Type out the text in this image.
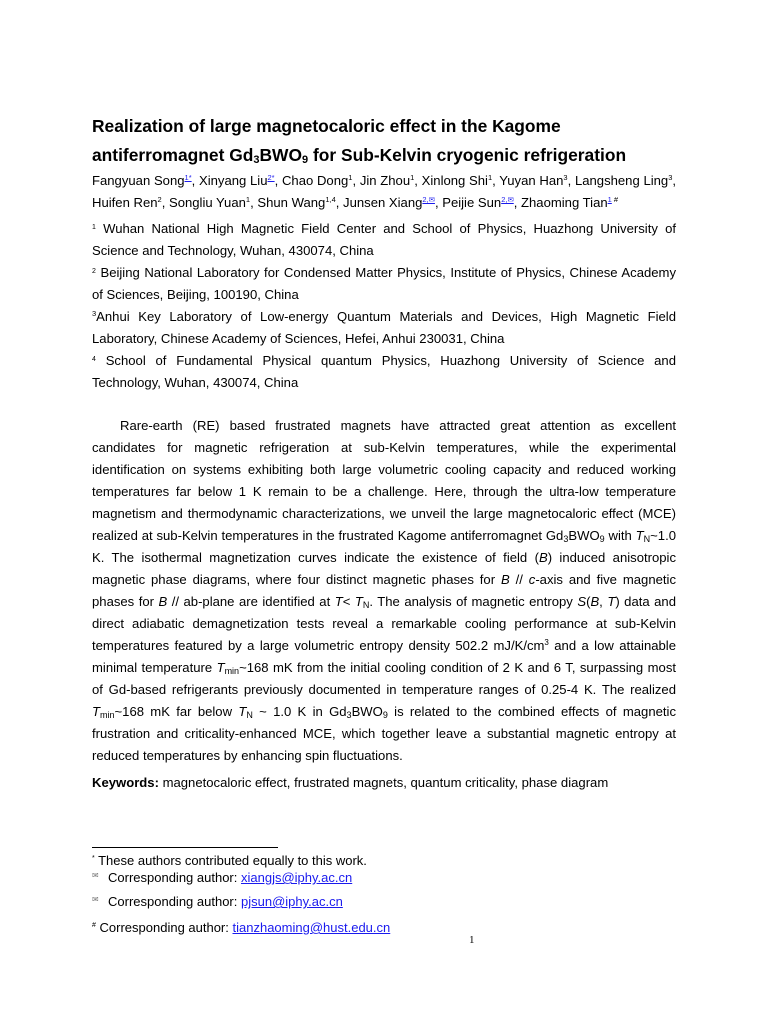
Realization of large magnetocaloric effect in the Kagome
antiferromagnet $Gd_3BWO_9$ for Sub-Kelvin cryogenic refrigeration
Fangyuan Song$^{1*}$, Xinyang Liu$^{2*}$, Chao Dong$^1$, Jin Zhou$^1$, Xinlong Shi$^1$, Yuyan Han$^3$, Langsheng Ling$^3$, Huifen Ren$^2$, Songliu Yuan$^1$, Shun Wang$^{1,4}$, Junsen Xiang$^{2,✉}$, Peijie Sun$^{2,✉}$, Zhaoming Tian$^1$ #
$^1$ Wuhan National High Magnetic Field Center and School of Physics, Huazhong University of Science and Technology, Wuhan, 430074, China
$^2$ Beijing National Laboratory for Condensed Matter Physics, Institute of Physics, Chinese Academy of Sciences, Beijing, 100190, China
$^3$Anhui Key Laboratory of Low-energy Quantum Materials and Devices, High Magnetic Field Laboratory, Chinese Academy of Sciences, Hefei, Anhui 230031, China
$^4$ School of Fundamental Physical quantum Physics, Huazhong University of Science and Technology, Wuhan, 430074, China
Rare-earth (RE) based frustrated magnets have attracted great attention as excellent candidates for magnetic refrigeration at sub-Kelvin temperatures, while the experimental identification on systems exhibiting both large volumetric cooling capacity and reduced working temperatures far below 1 K remain to be a challenge. Here, through the ultra-low temperature magnetism and thermodynamic characterizations, we unveil the large magnetocaloric effect (MCE) realized at sub-Kelvin temperatures in the frustrated Kagome antiferromagnet $Gd_3BWO_9$ with $T_N\sim 1.0$ K. The isothermal magnetization curves indicate the existence of field (B) induced anisotropic magnetic phase diagrams, where four distinct magnetic phases for B // c-axis and five magnetic phases for B // ab-plane are identified at $T< T_N$. The analysis of magnetic entropy S(B, T) data and direct adiabatic demagnetization tests reveal a remarkable cooling performance at sub-Kelvin temperatures featured by a large volumetric entropy density 502.2 $mJ/K/cm^3$ and a low attainable minimal temperature $T_{min}\sim 168$ mK from the initial cooling condition of 2 K and 6 T, surpassing most of Gd-based refrigerants previously documented in temperature ranges of 0.25-4 K. The realized $T_{min}\sim 168$ mK far below $T_N$ ~ 1.0 K in $Gd_3BWO_9$ is related to the combined effects of magnetic frustration and criticality-enhanced MCE, which together leave a substantial magnetic entropy at reduced temperatures by enhancing spin fluctuations.
Keywords: magnetocaloric effect, frustrated magnets, quantum criticality, phase diagram
* These authors contributed equally to this work.
✉ Corresponding author: xiangjs@iphy.ac.cn
✉ Corresponding author: pjsun@iphy.ac.cn
# Corresponding author: tianzhaoming@hust.edu.cn
1
